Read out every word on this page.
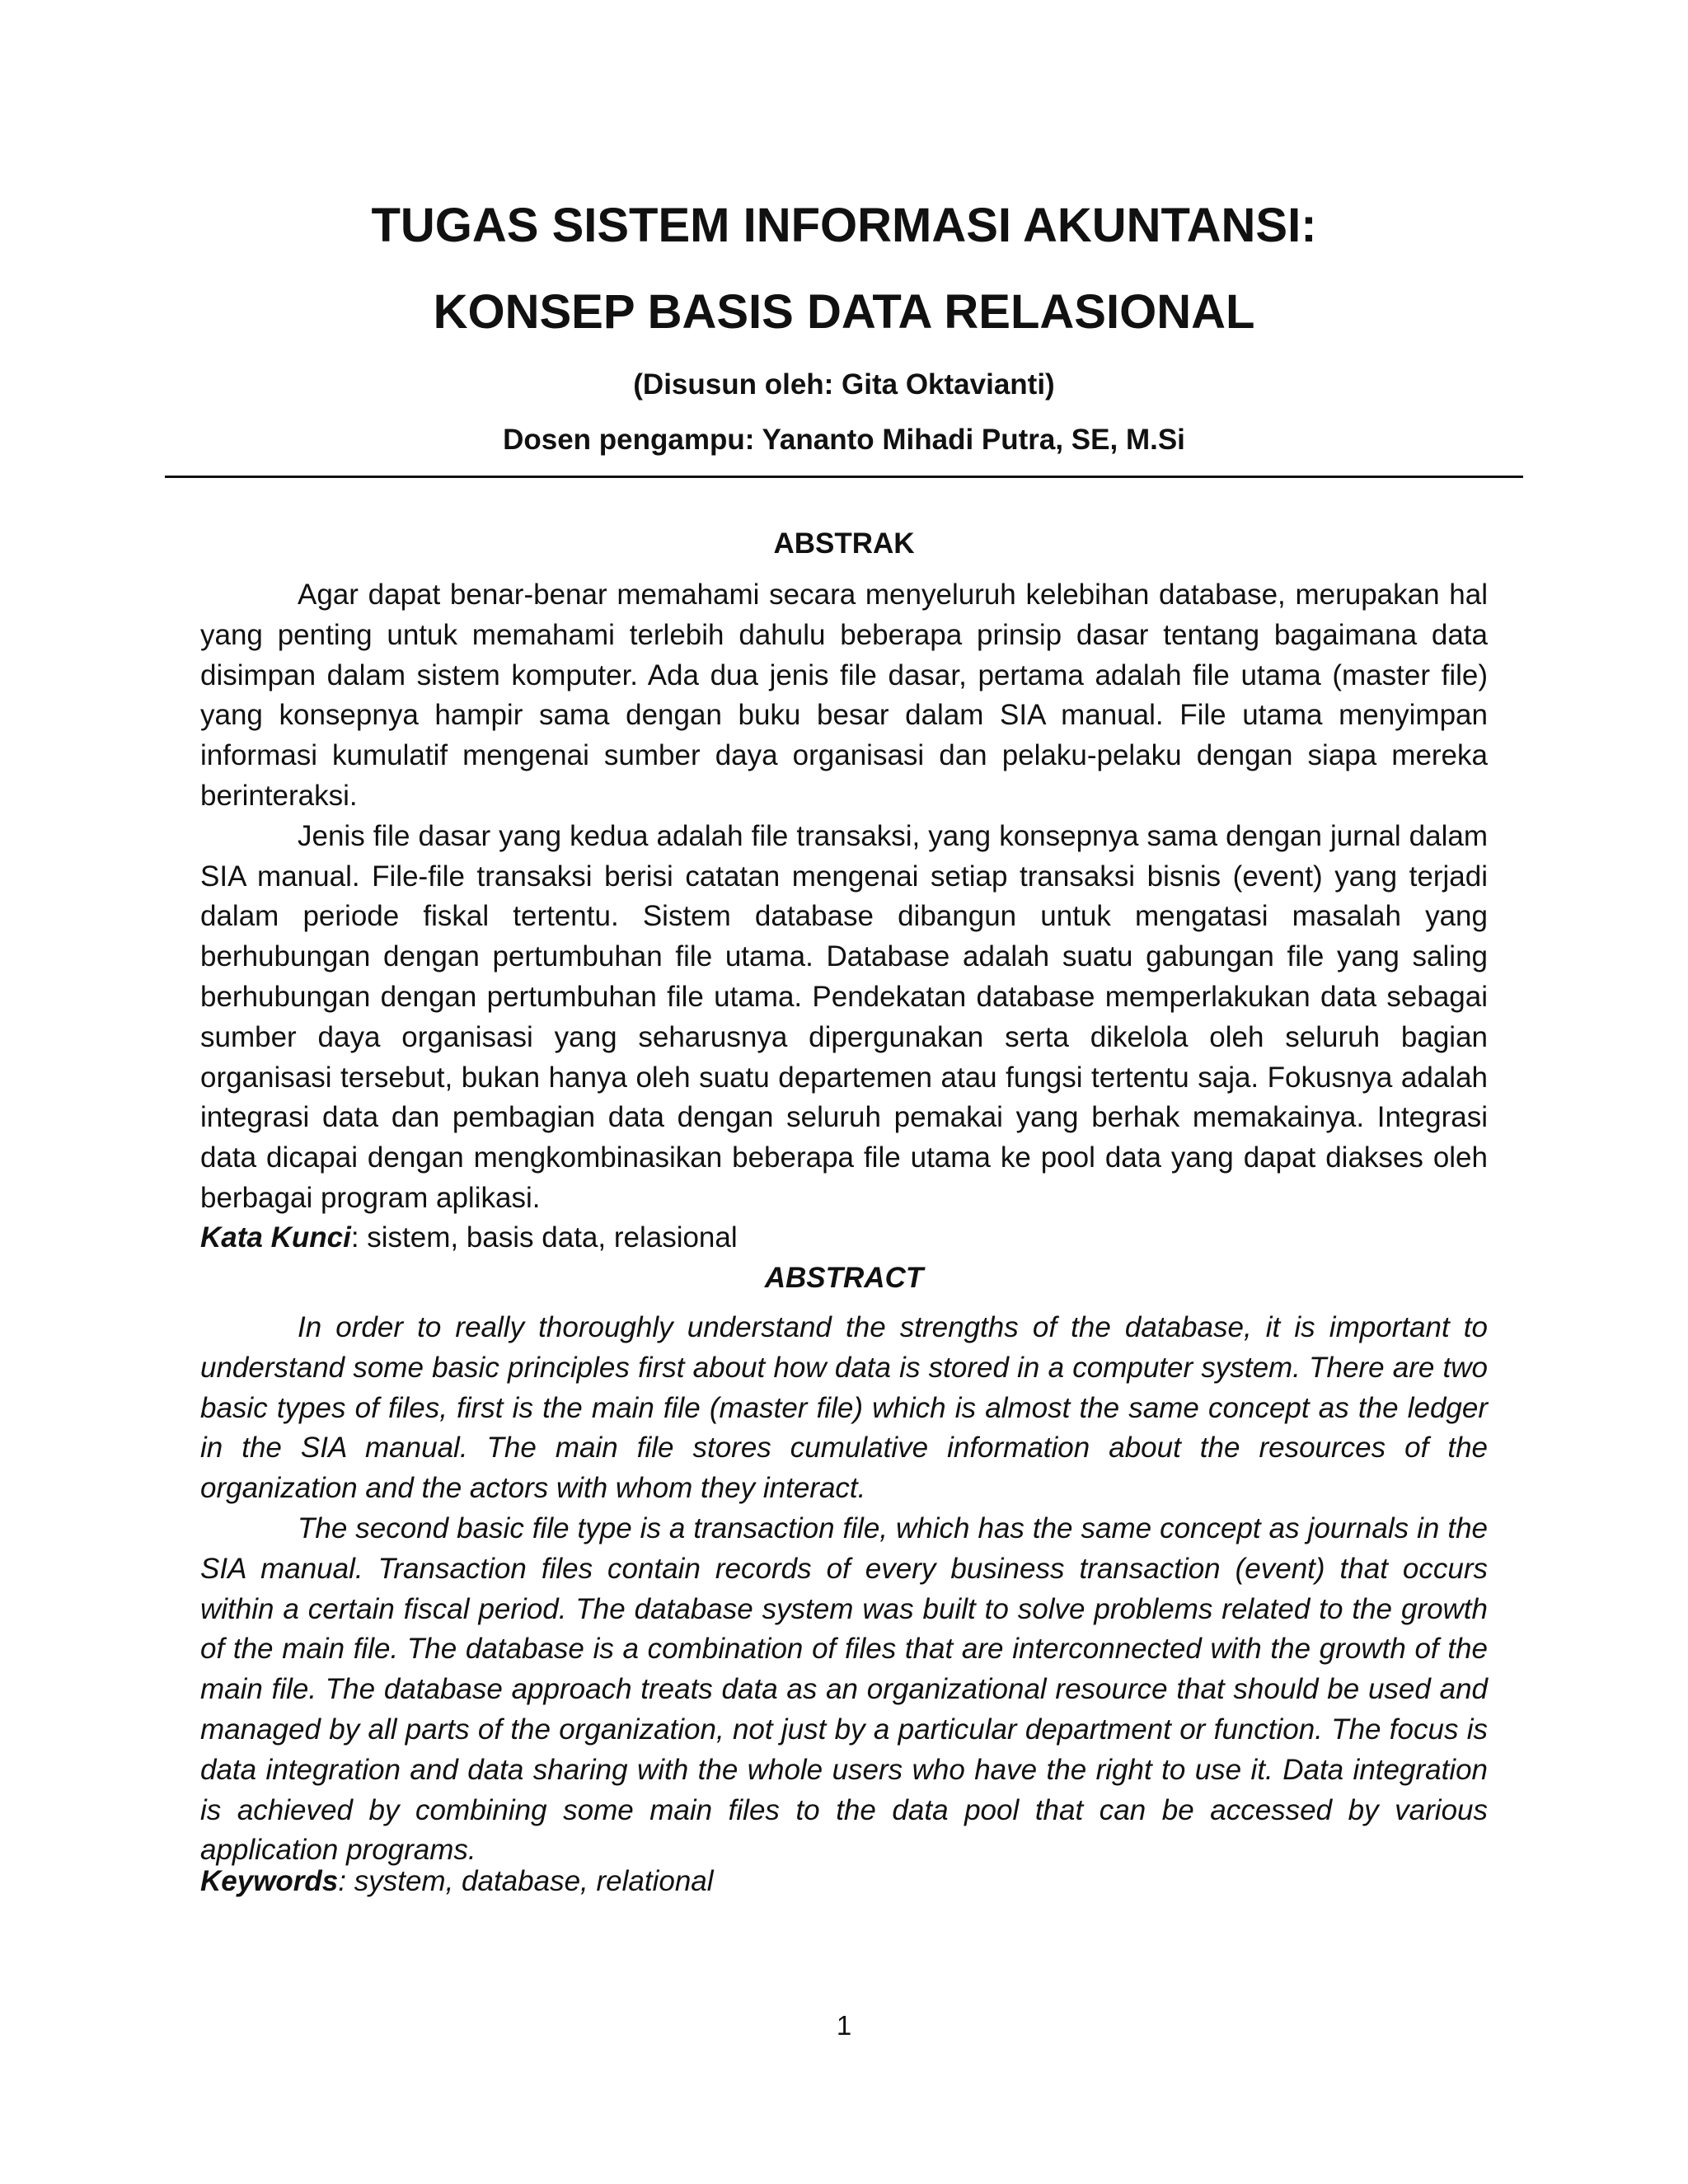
TUGAS SISTEM INFORMASI AKUNTANSI:
KONSEP BASIS DATA RELASIONAL
(Disusun oleh: Gita Oktavianti)
Dosen pengampu: Yananto Mihadi Putra, SE, M.Si
ABSTRAK

Agar dapat benar-benar memahami secara menyeluruh kelebihan database, merupakan hal yang penting untuk memahami terlebih dahulu beberapa prinsip dasar tentang bagaimana data disimpan dalam sistem komputer. Ada dua jenis file dasar, pertama adalah file utama (master file) yang konsepnya hampir sama dengan buku besar dalam SIA manual. File utama menyimpan informasi kumulatif mengenai sumber daya organisasi dan pelaku-pelaku dengan siapa mereka berinteraksi.

Jenis file dasar yang kedua adalah file transaksi, yang konsepnya sama dengan jurnal dalam SIA manual. File-file transaksi berisi catatan mengenai setiap transaksi bisnis (event) yang terjadi dalam periode fiskal tertentu. Sistem database dibangun untuk mengatasi masalah yang berhubungan dengan pertumbuhan file utama. Database adalah suatu gabungan file yang saling berhubungan dengan pertumbuhan file utama. Pendekatan database memperlakukan data sebagai sumber daya organisasi yang seharusnya dipergunakan serta dikelola oleh seluruh bagian organisasi tersebut, bukan hanya oleh suatu departemen atau fungsi tertentu saja. Fokusnya adalah integrasi data dan pembagian data dengan seluruh pemakai yang berhak memakainya. Integrasi data dicapai dengan mengkombinasikan beberapa file utama ke pool data yang dapat diakses oleh berbagai program aplikasi.

Kata Kunci: sistem, basis data, relasional
ABSTRACT

In order to really thoroughly understand the strengths of the database, it is important to understand some basic principles first about how data is stored in a computer system. There are two basic types of files, first is the main file (master file) which is almost the same concept as the ledger in the SIA manual. The main file stores cumulative information about the resources of the organization and the actors with whom they interact.

The second basic file type is a transaction file, which has the same concept as journals in the SIA manual. Transaction files contain records of every business transaction (event) that occurs within a certain fiscal period. The database system was built to solve problems related to the growth of the main file. The database is a combination of files that are interconnected with the growth of the main file. The database approach treats data as an organizational resource that should be used and managed by all parts of the organization, not just by a particular department or function. The focus is data integration and data sharing with the whole users who have the right to use it. Data integration is achieved by combining some main files to the data pool that can be accessed by various application programs.

Keywords: system, database, relational
1
